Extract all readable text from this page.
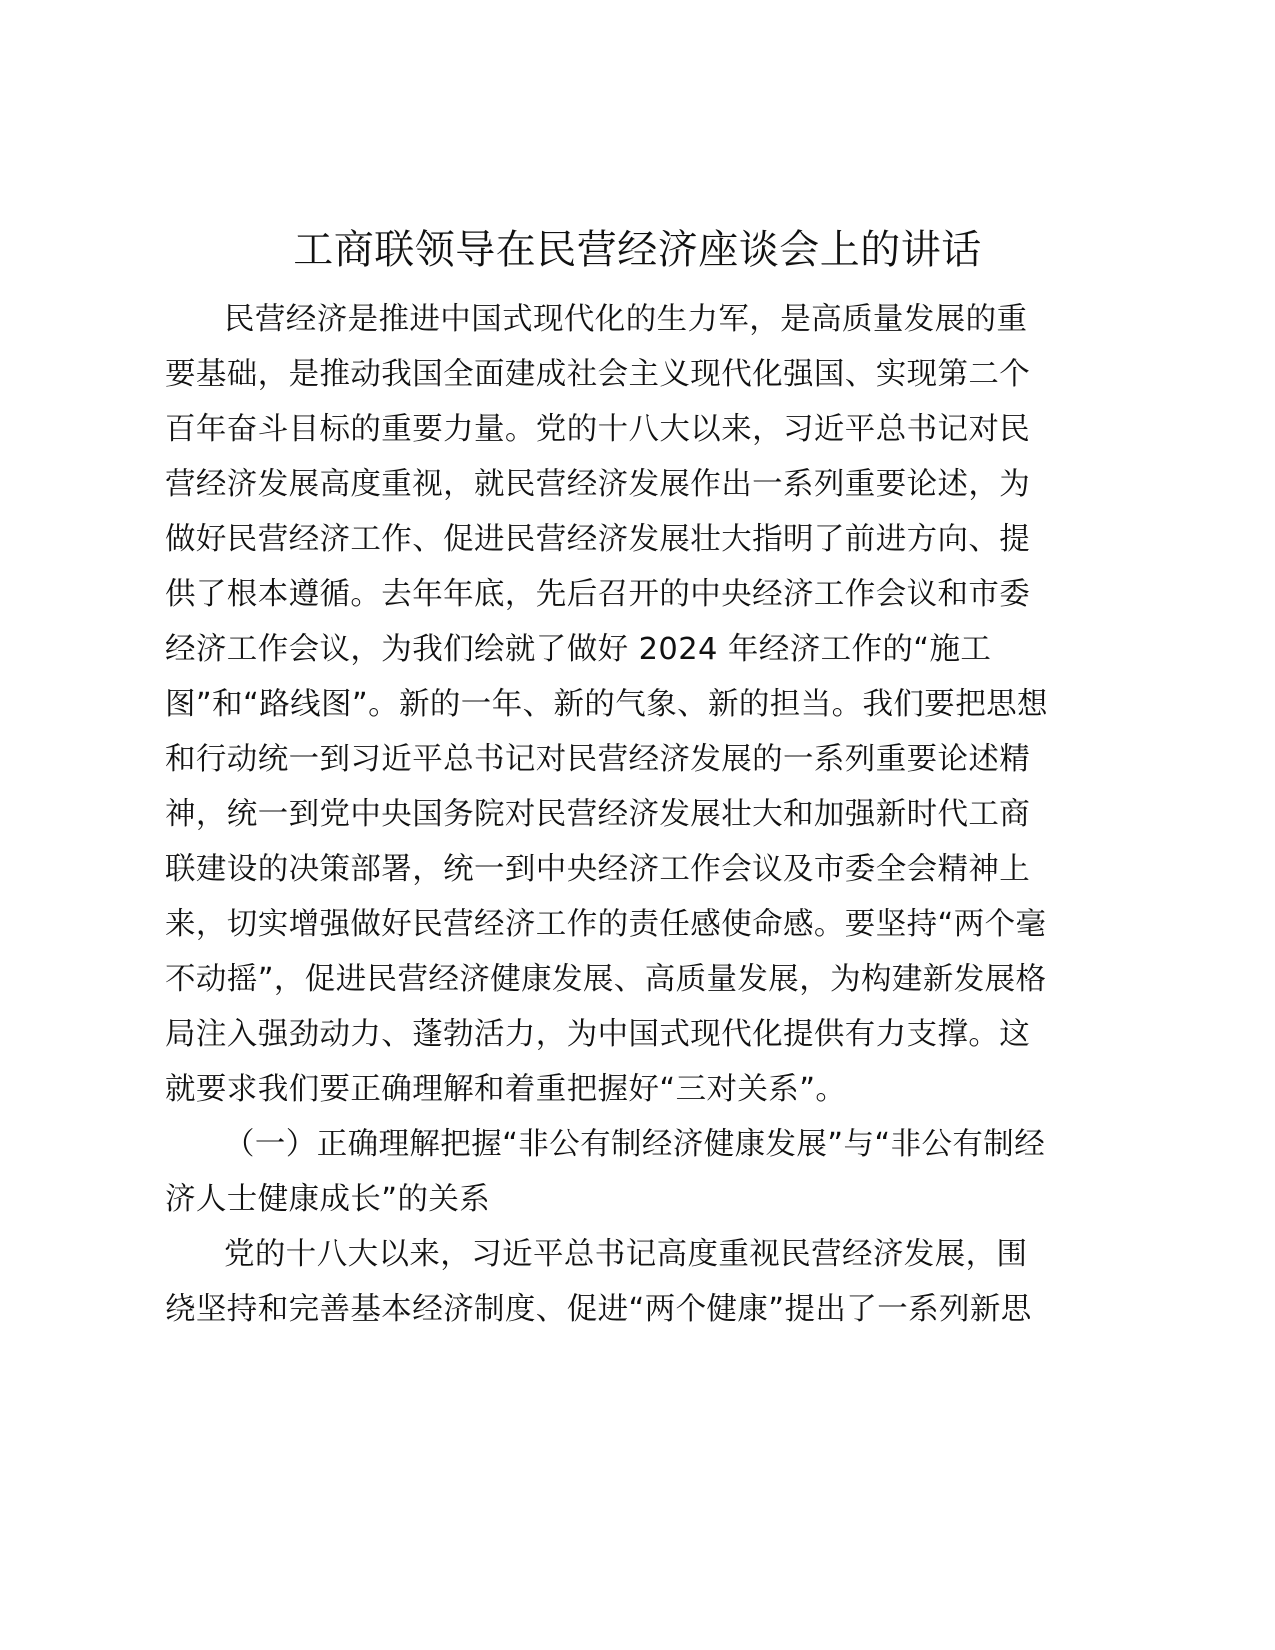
工商联领导在民营经济座谈会上的讲话

民营经济是推进中国式现代化的生力军，是高质量发展的重

要基础，是推动我国全面建成社会主义现代化强国、实现第二个

百年奋斗目标的重要力量。党的十八大以来，习近平总书记对民

营经济发展高度重视，就民营经济发展作出一系列重要论述，为

做好民营经济工作、促进民营经济发展壮大指明了前进方向、提

供了根本遵循。去年年底，先后召开的中央经济工作会议和市委

经济工作会议，为我们绘就了做好 2024 年经济工作的“施工

图”和“路线图”。新的一年、新的气象、新的担当。我们要把思想

和行动统一到习近平总书记对民营经济发展的一系列重要论述精

神，统一到党中央国务院对民营经济发展壮大和加强新时代工商

联建设的决策部署，统一到中央经济工作会议及市委全会精神上

来，切实增强做好民营经济工作的责任感使命感。要坚持“两个毫

不动摇”，促进民营经济健康发展、高质量发展，为构建新发展格

局注入强劲动力、蓬勃活力，为中国式现代化提供有力支撑。这

就要求我们要正确理解和着重把握好“三对关系”。

（一）正确理解把握“非公有制经济健康发展”与“非公有制经

济人士健康成长”的关系

党的十八大以来，习近平总书记高度重视民营经济发展，围

绕坚持和完善基本经济制度、促进“两个健康”提出了一系列新思
